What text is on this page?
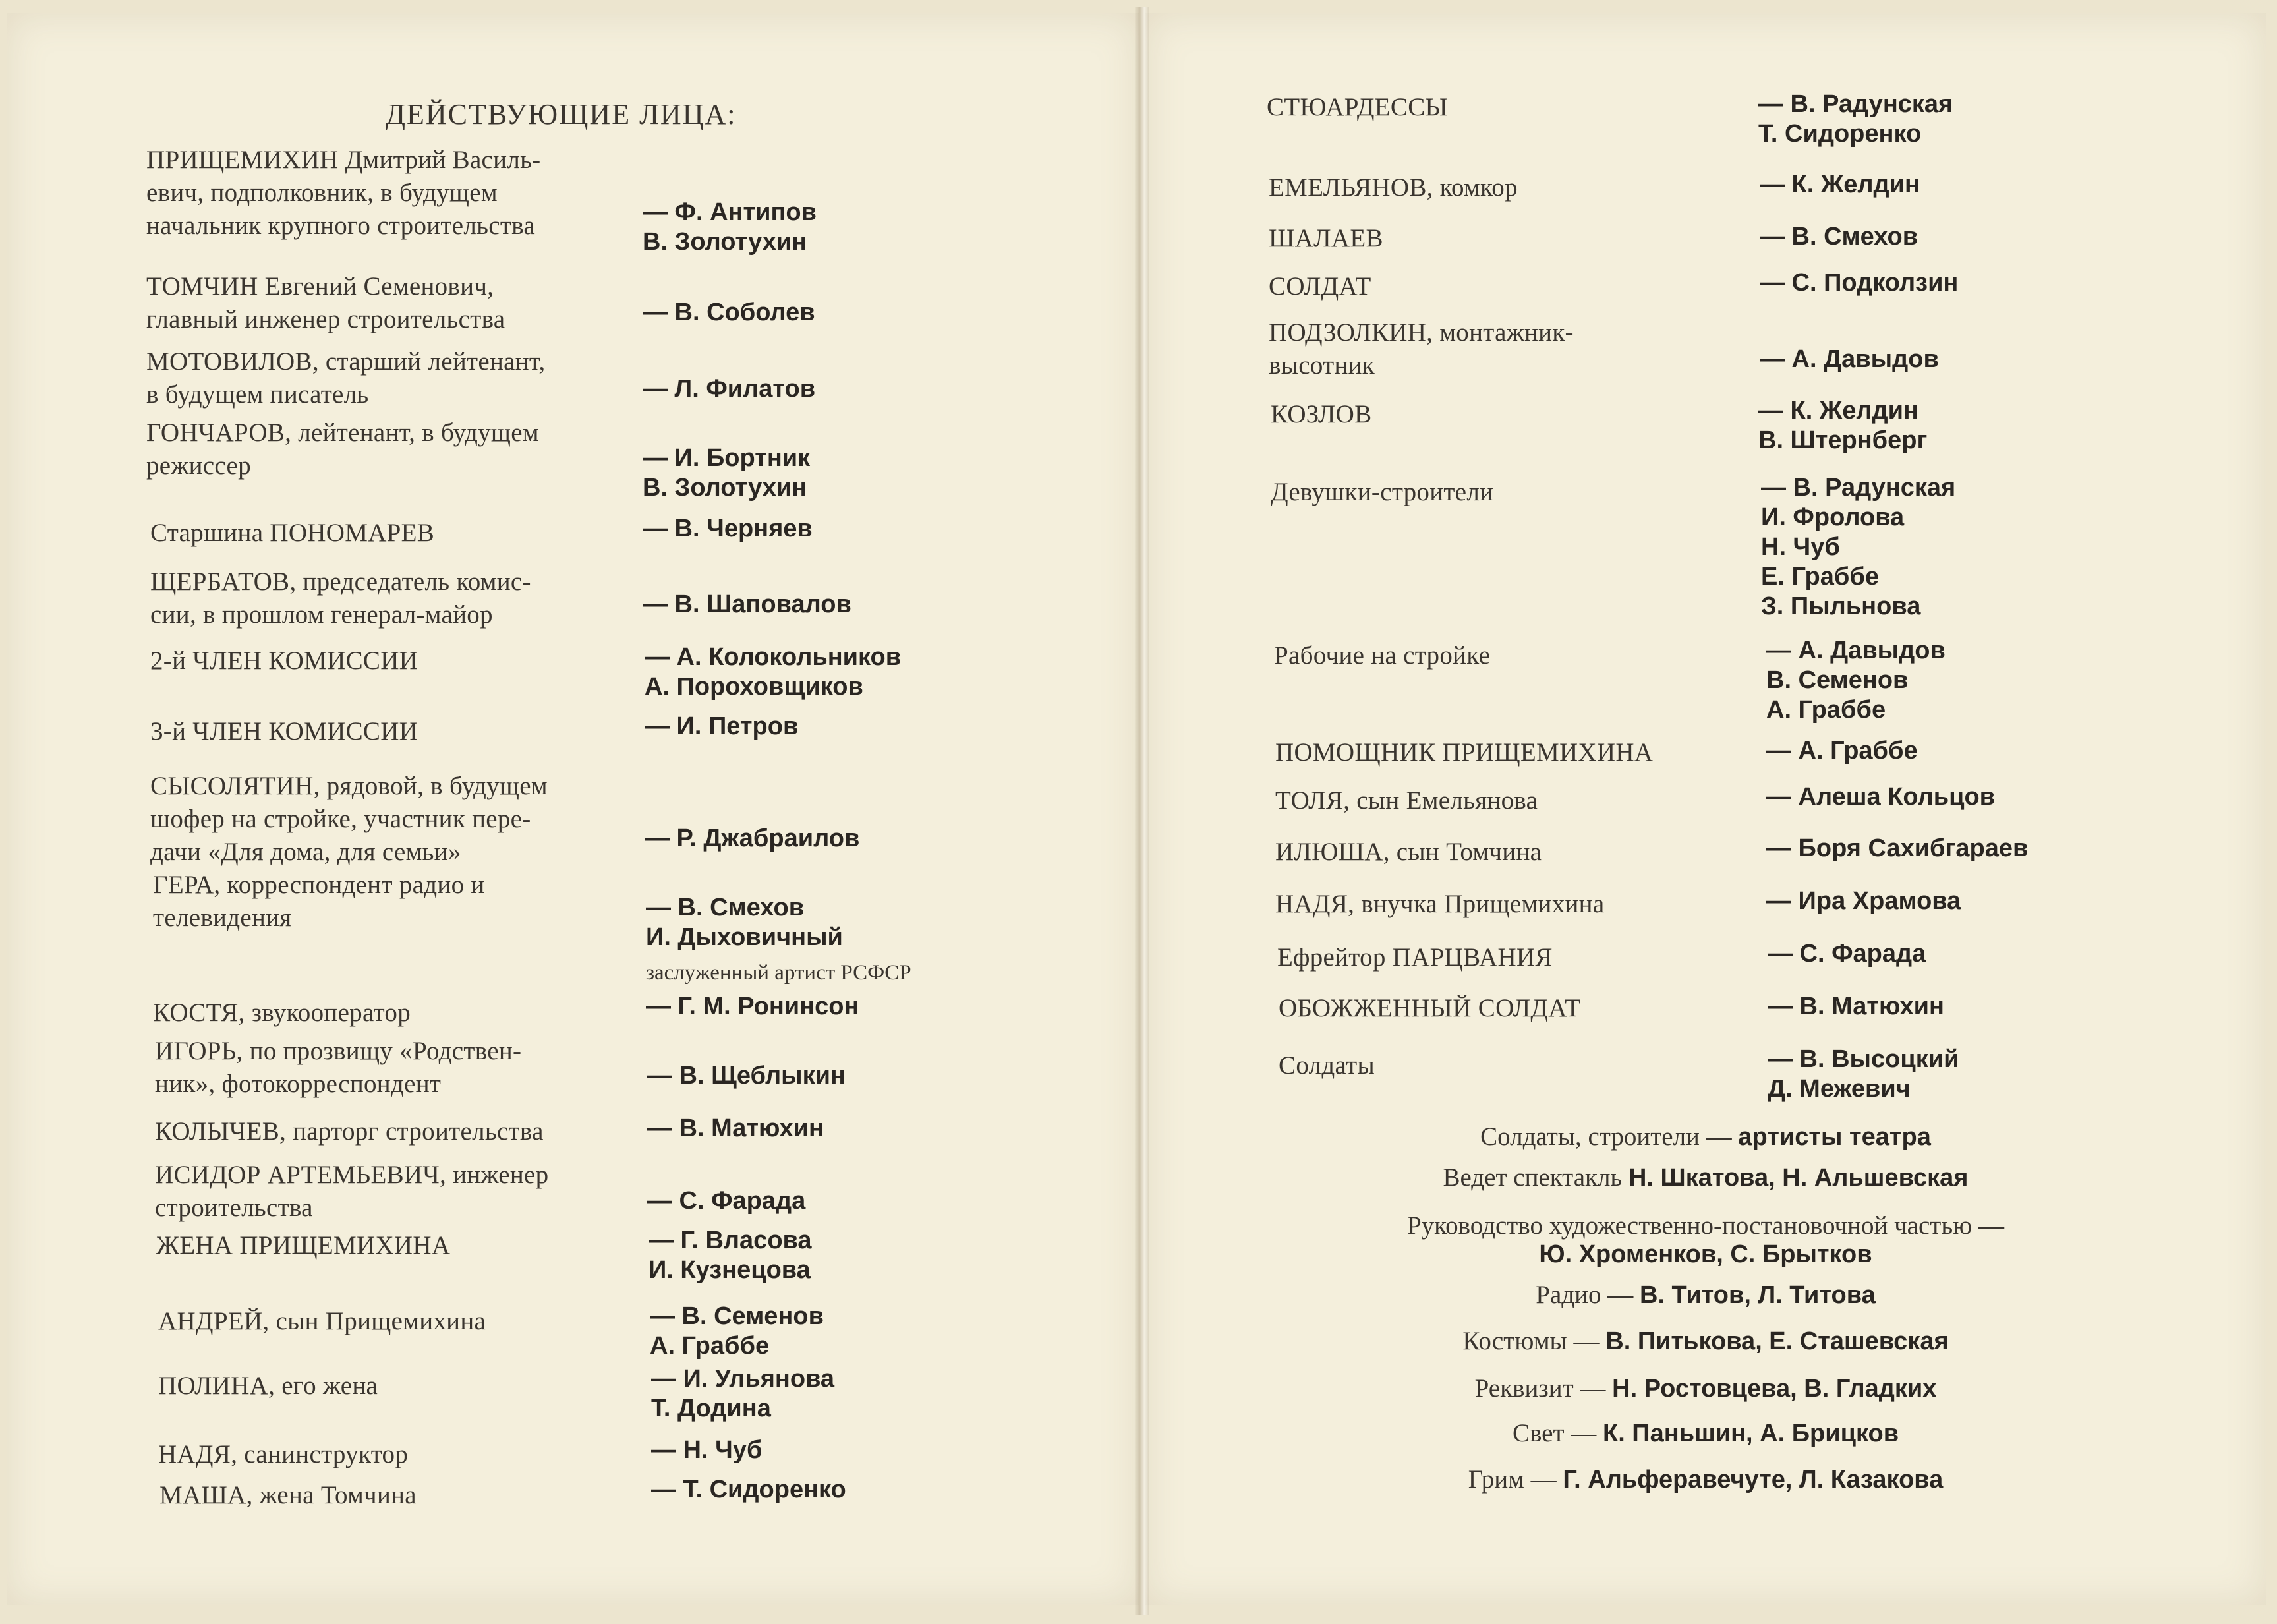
ДЕЙСТВУЮЩИЕ ЛИЦА:
ПРИЩЕМИХИН Дмитрий Василь-
евич, подполковник, в будущем
начальник крупного строительства	— Ф. Антипов
В. Золотухин
ТОМЧИН Евгений Семенович,
главный инженер строительства	— В. Соболев
МОТОВИЛОВ, старший лейтенант,
в будущем писатель	— Л. Филатов
ГОНЧАРОВ, лейтенант, в будущем
режиссер	— И. Бортник
В. Золотухин
Старшина ПОНОМАРЕВ	— В. Черняев
ЩЕРБАТОВ, председатель комис-
сии, в прошлом генерал-майор	— В. Шаповалов
2-й ЧЛЕН КОМИССИИ	— А. Колокольников
А. Пороховщиков
3-й ЧЛЕН КОМИССИИ	— И. Петров
СЫСОЛЯТИН, рядовой, в будущем
шофер на стройке, участник пере-
дачи «Для дома, для семьи»	— Р. Джабраилов
ГЕРА, корреспондент радио и
телевидения	— В. Смехов
И. Дыховичный
заслуженный артист РСФСР
КОСТЯ, звукооператор	— Г. М. Ронинсон
ИГОРЬ, по прозвищу «Родствен-
ник», фотокорреспондент	— В. Щеблыкин
КОЛЫЧЕВ, парторг строительства	— В. Матюхин
ИСИДОР АРТЕМЬЕВИЧ, инженер
строительства	— С. Фарада
ЖЕНА ПРИЩЕМИХИНА	— Г. Власова
И. Кузнецова
АНДРЕЙ, сын Прищемихина	— В. Семенов
А. Граббе
ПОЛИНА, его жена	— И. Ульянова
Т. Додина
НАДЯ, санинструктор	— Н. Чуб
МАША, жена Томчина	— Т. Сидоренко
СТЮАРДЕССЫ	— В. Радунская
Т. Сидоренко
ЕМЕЛЬЯНОВ, комкор	— К. Желдин
ШАЛАЕВ	— В. Смехов
СОЛДАТ	— С. Подколзин
ПОДЗОЛКИН, монтажник-
высотник	— А. Давыдов
КОЗЛОВ	— К. Желдин
В. Штернберг
Девушки-строители	— В. Радунская
И. Фролова
Н. Чуб
Е. Граббе
З. Пыльнова
Рабочие на стройке	— А. Давыдов
В. Семенов
А. Граббе
ПОМОЩНИК ПРИЩЕМИХИНА	— А. Граббе
ТОЛЯ, сын Емельянова	— Алеша Кольцов
ИЛЮША, сын Томчина	— Боря Сахибгараев
НАДЯ, внучка Прищемихина	— Ира Храмова
Ефрейтор ПАРЦВАНИЯ	— С. Фарада
ОБОЖЖЕННЫЙ СОЛДАТ	— В. Матюхин
Солдаты	— В. Высоцкий
Д. Межевич
Солдаты, строители — артисты театра
Ведет спектакль Н. Шкатова, Н. Альшевская
Руководство художественно-постановочной частью —
Ю. Хроменков, С. Брытков
Радио — В. Титов, Л. Титова
Костюмы — В. Питькова, Е. Сташевская
Реквизит — Н. Ростовцева, В. Гладких
Свет — К. Паньшин, А. Брицков
Грим — Г. Альферавечуте, Л. Казакова
